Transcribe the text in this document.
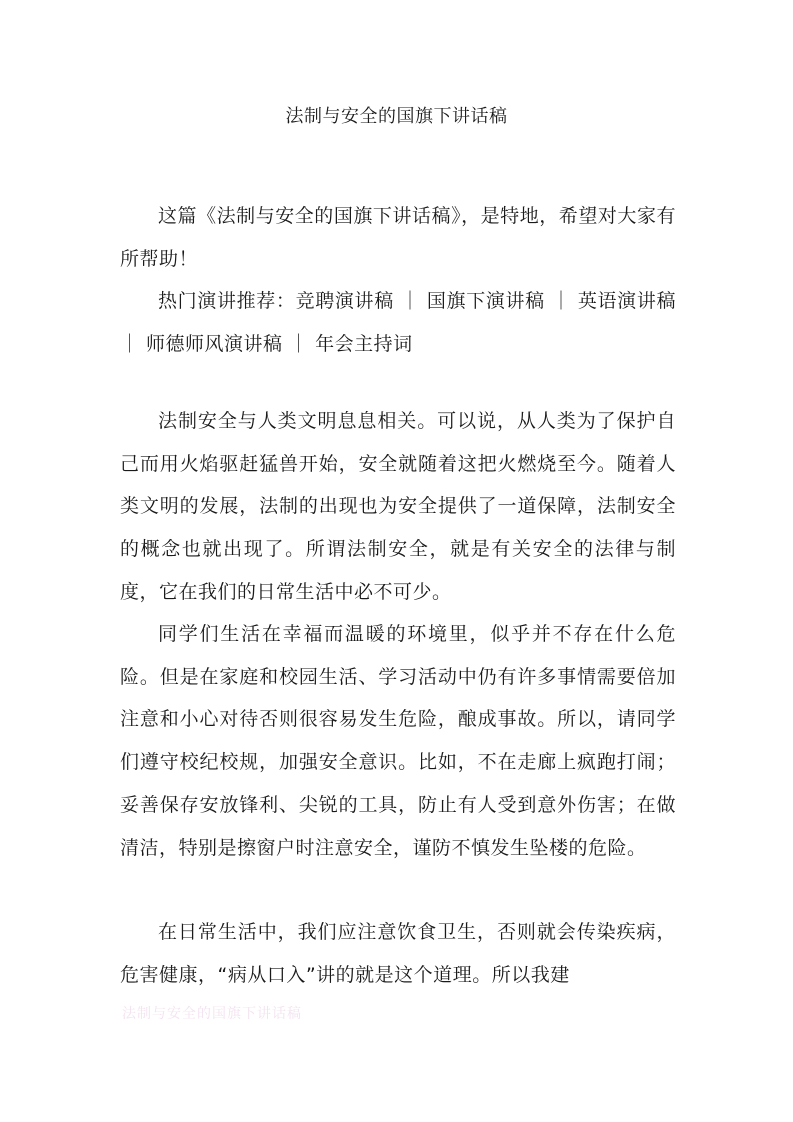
法制与安全的国旗下讲话稿

这篇《法制与安全的国旗下讲话稿》，是特地，希望对大家有所帮助！

热门演讲推荐：竞聘演讲稿 ｜ 国旗下演讲稿 ｜ 英语演讲稿 ｜ 师德师风演讲稿 ｜ 年会主持词

法制安全与人类文明息息相关。可以说，从人类为了保护自己而用火焰驱赶猛兽开始，安全就随着这把火燃烧至今。随着人类文明的发展，法制的出现也为安全提供了一道保障，法制安全的概念也就出现了。所谓法制安全，就是有关安全的法律与制度，它在我们的日常生活中必不可少。

同学们生活在幸福而温暖的环境里，似乎并不存在什么危险。但是在家庭和校园生活、学习活动中仍有许多事情需要倍加注意和小心对待否则很容易发生危险，酿成事故。所以，请同学们遵守校纪校规，加强安全意识。比如，不在走廊上疯跑打闹；妥善保存安放锋利、尖锐的工具，防止有人受到意外伤害；在做清洁，特别是擦窗户时注意安全，谨防不慎发生坠楼的危险。

在日常生活中，我们应注意饮食卫生，否则就会传染疾病，危害健康，“病从口入”讲的就是这个道理。所以我建

法制与安全的国旗下讲话稿
